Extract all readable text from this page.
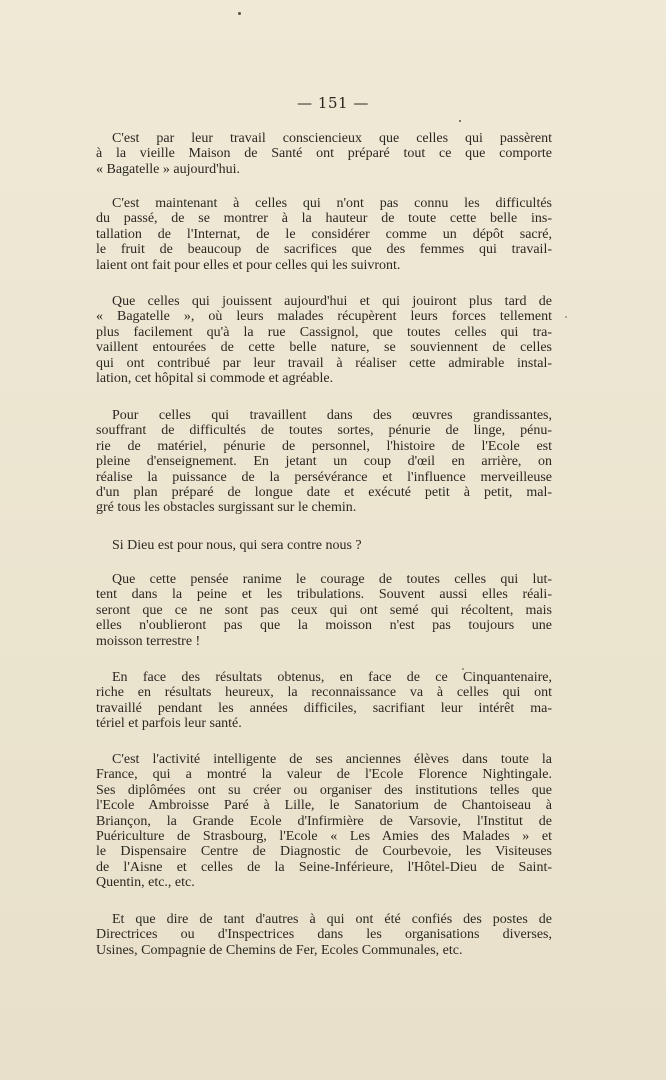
— 151 —

C'est par leur travail consciencieux que celles qui passèrent
à la vieille Maison de Santé ont préparé tout ce que comporte
« Bagatelle » aujourd'hui.

C'est maintenant à celles qui n'ont pas connu les difficultés
du passé, de se montrer à la hauteur de toute cette belle ins-
tallation de l'Internat, de le considérer comme un dépôt sacré,
le fruit de beaucoup de sacrifices que des femmes qui travail-
laient ont fait pour elles et pour celles qui les suivront.

Que celles qui jouissent aujourd'hui et qui jouiront plus tard de
« Bagatelle », où leurs malades récupèrent leurs forces tellement
plus facilement qu'à la rue Cassignol, que toutes celles qui tra-
vaillent entourées de cette belle nature, se souviennent de celles
qui ont contribué par leur travail à réaliser cette admirable instal-
lation, cet hôpital si commode et agréable.

Pour celles qui travaillent dans des œuvres grandissantes,
souffrant de difficultés de toutes sortes, pénurie de linge, pénu-
rie de matériel, pénurie de personnel, l'histoire de l'Ecole est
pleine d'enseignement. En jetant un coup d'œil en arrière, on
réalise la puissance de la persévérance et l'influence merveilleuse
d'un plan préparé de longue date et exécuté petit à petit, mal-
gré tous les obstacles surgissant sur le chemin.

Si Dieu est pour nous, qui sera contre nous ?

Que cette pensée ranime le courage de toutes celles qui lut-
tent dans la peine et les tribulations. Souvent aussi elles réali-
seront que ce ne sont pas ceux qui ont semé qui récoltent, mais
elles n'oublieront pas que la moisson n'est pas toujours une
moisson terrestre !

En face des résultats obtenus, en face de ce Cinquantenaire,
riche en résultats heureux, la reconnaissance va à celles qui ont
travaillé pendant les années difficiles, sacrifiant leur intérêt ma-
tériel et parfois leur santé.

C'est l'activité intelligente de ses anciennes élèves dans toute la
France, qui a montré la valeur de l'Ecole Florence Nightingale.
Ses diplômées ont su créer ou organiser des institutions telles que
l'Ecole Ambroisse Paré à Lille, le Sanatorium de Chantoiseau à
Briançon, la Grande Ecole d'Infirmière de Varsovie, l'Institut de
Puériculture de Strasbourg, l'Ecole « Les Amies des Malades » et
le Dispensaire Centre de Diagnostic de Courbevoie, les Visiteuses
de l'Aisne et celles de la Seine-Inférieure, l'Hôtel-Dieu de Saint-
Quentin, etc., etc.

Et que dire de tant d'autres à qui ont été confiés des postes de
Directrices ou d'Inspectrices dans les organisations diverses,
Usines, Compagnie de Chemins de Fer, Ecoles Communales, etc.
